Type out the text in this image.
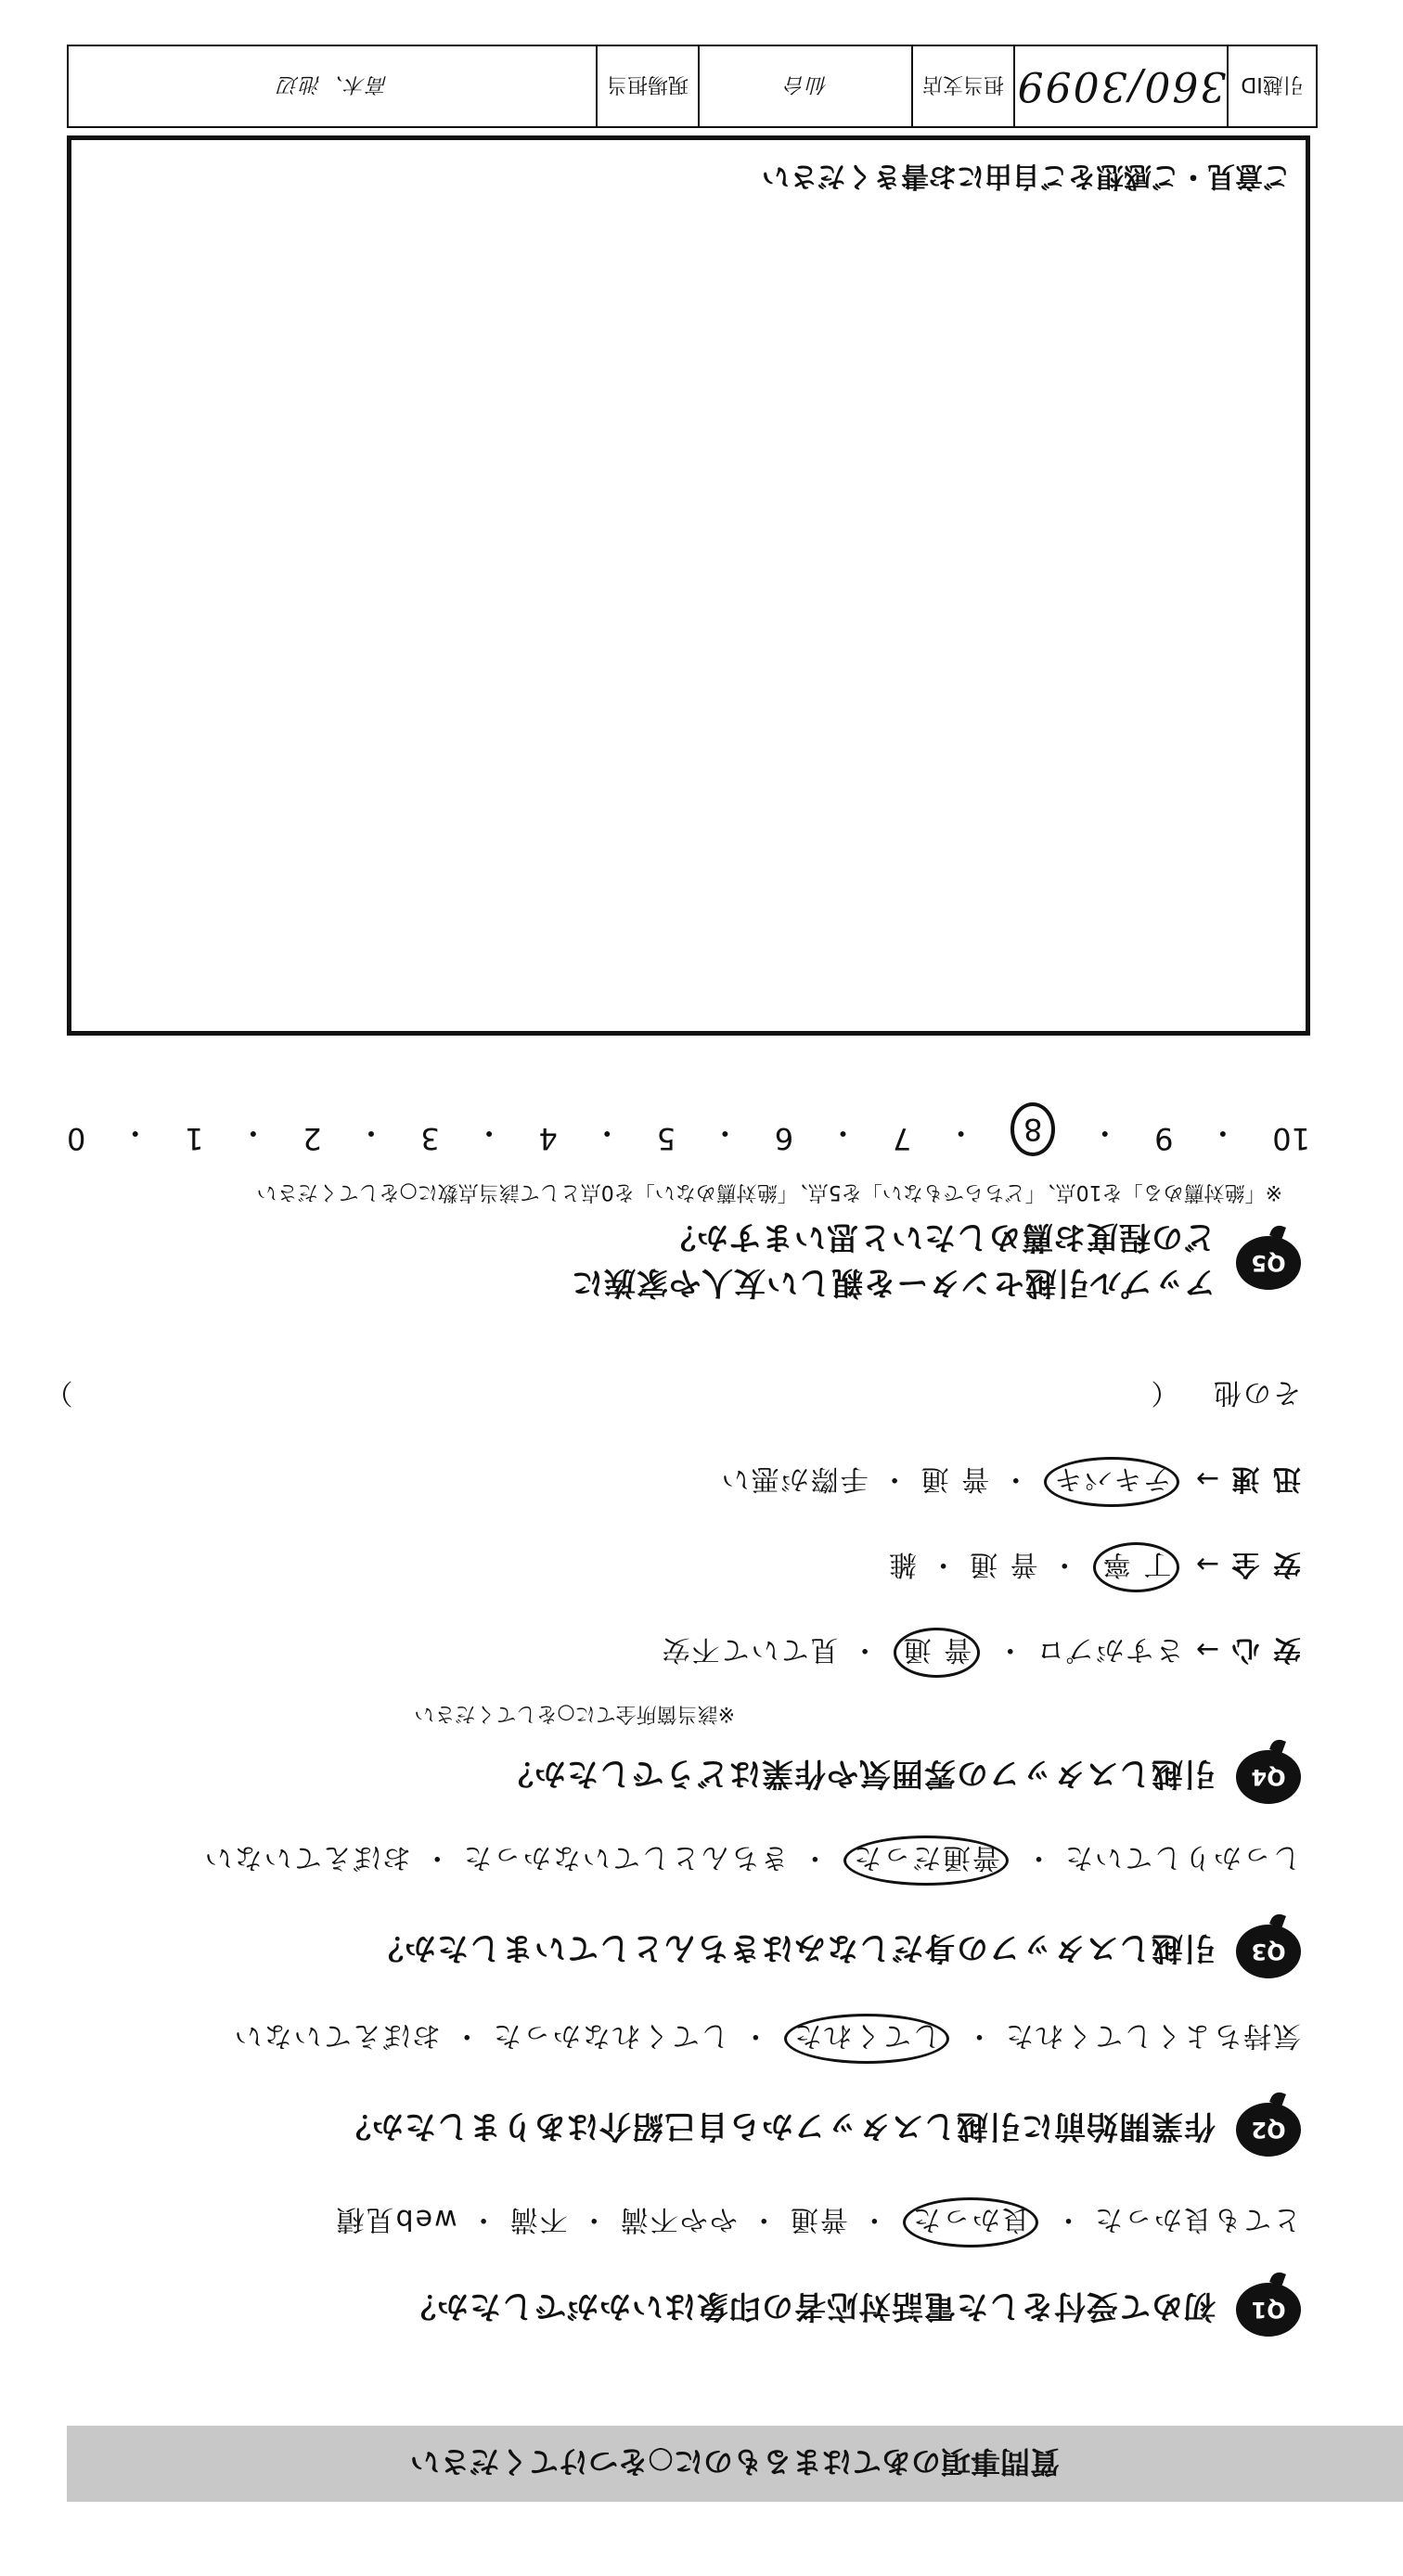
引越ID
360/3099
担当支店
仙台
現場担当
高木、池辺
ご意見・ご感想をご自由にお書きください
10
・
9
・
8
・
7
・
6
・
5
・
4
・
3
・
2
・
1
・
0
※「絶対薦める」を10点、「どちらでもない」を5点、「絶対薦めない」を0点として該当点数に○をしてください
Q5
アップル引越センターを親しい友人や家族に
どの程度お薦めしたいと思いますか？
その他 （）
迅 速 → テキパキ ・ 普 通 ・ 手際が悪い
安 全 → 丁 寧 ・ 普 通 ・ 雑
安 心 → さすがプロ ・ 普 通 ・ 見ていて不安
※該当箇所全てに○をしてください
Q4
引越しスタッフの雰囲気や作業はどうでしたか？
しっかりしていた ・ 普通だった ・ きちんとしていなかった ・ おぼえていない
Q3
引越しスタッフの身だしなみはきちんとしていましたか？
気持ちよくしてくれた ・ してくれた ・ してくれなかった ・ おぼえていない
Q2
作業開始前に引越しスタッフから自己紹介はありましたか？
とても良かった ・ 良かった ・ 普通 ・ やや不満 ・ 不満 ・ web見積
Q1
初めて受付をした電話対応者の印象はいかがでしたか？
質問事項のあてはまるものに○をつけてください
